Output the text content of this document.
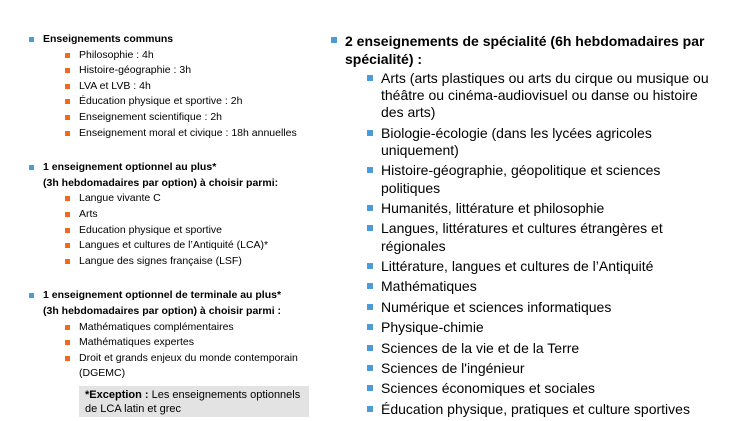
Enseignements communs
Philosophie : 4h
Histoire-géographie : 3h
LVA et LVB : 4h
Éducation physique et sportive : 2h
Enseignement scientifique : 2h
Enseignement moral et civique : 18h annuelles
1 enseignement optionnel au plus*
(3h hebdomadaires par option) à choisir parmi:
Langue vivante C
Arts
Education physique et sportive
Langues et cultures de l’Antiquité (LCA)*
Langue des signes française (LSF)
1 enseignement optionnel de terminale au plus*
(3h hebdomadaires par option) à choisir parmi :
Mathématiques complémentaires
Mathématiques expertes
Droit et grands enjeux du monde contemporain (DGEMC)
*Exception : Les enseignements optionnels de LCA latin et grec
2 enseignements de spécialité (6h hebdomadaires par spécialité) :
Arts (arts plastiques ou arts du cirque ou musique ou théâtre ou cinéma-audiovisuel ou danse ou histoire des arts)
Biologie-écologie (dans les lycées agricoles uniquement)
Histoire-géographie, géopolitique et sciences politiques
Humanités, littérature et philosophie
Langues, littératures et cultures étrangères et régionales
Littérature, langues et cultures de l’Antiquité
Mathématiques
Numérique et sciences informatiques
Physique-chimie
Sciences de la vie et de la Terre
Sciences de l'ingénieur
Sciences économiques et sociales
Éducation physique, pratiques et culture sportives
